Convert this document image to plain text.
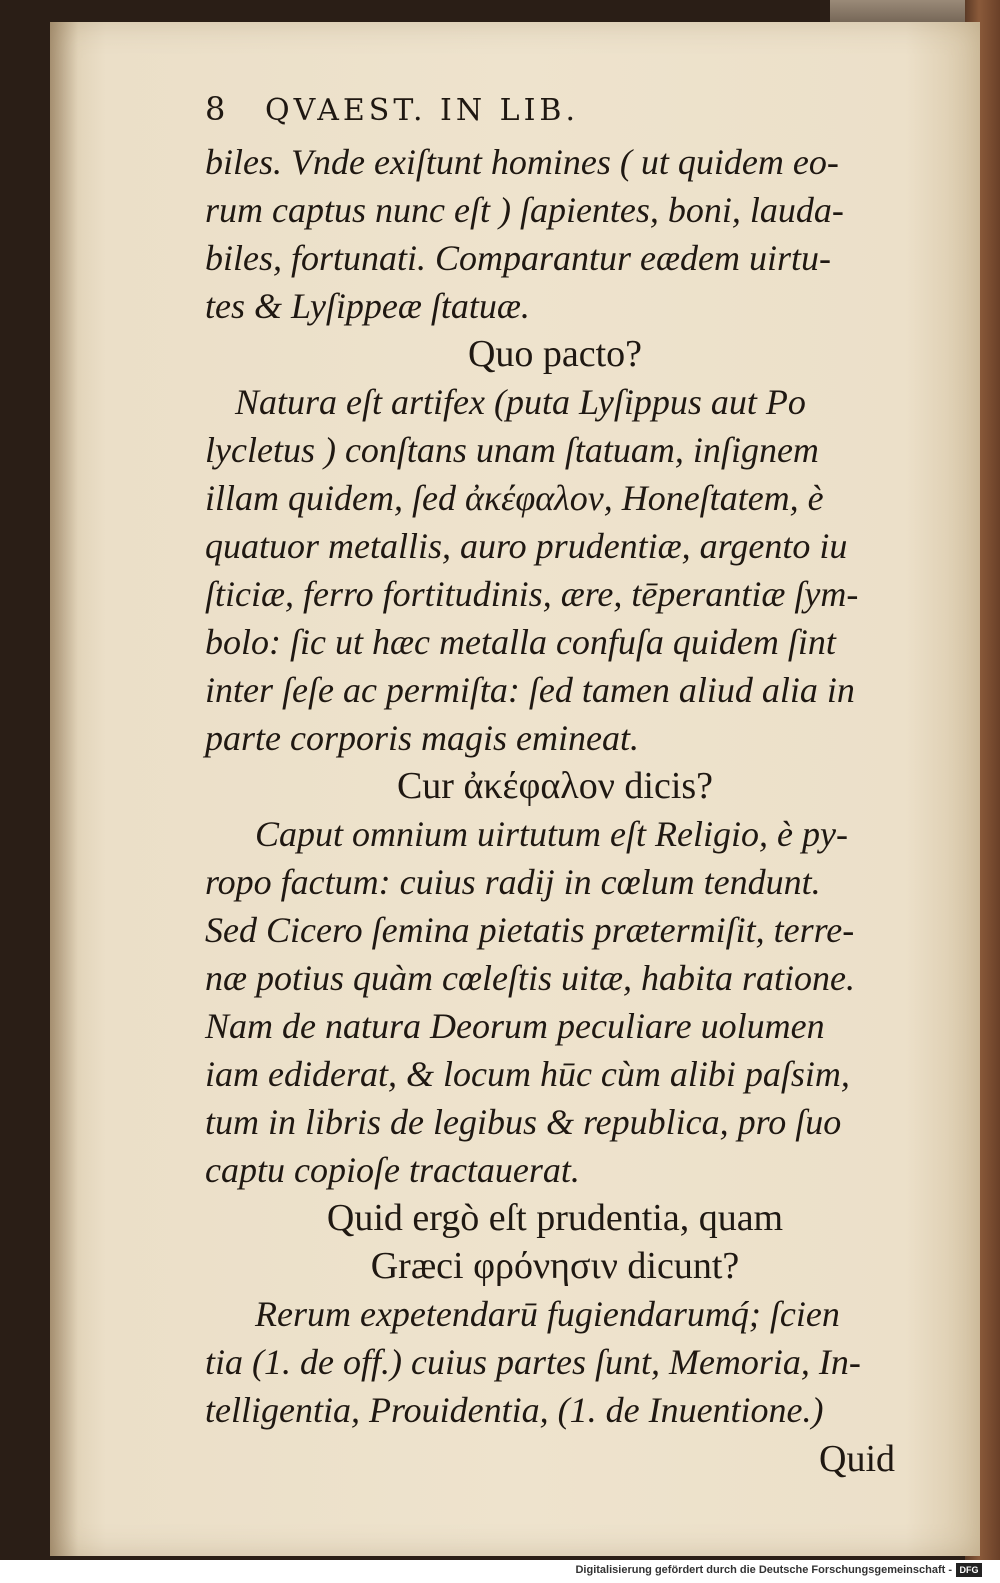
8	QVAEST. IN LIB.
biles. Vnde exiſtunt homines ( ut quidem eo-
rum captus nunc eſt ) ſapientes, boni, lauda-
biles, fortunati. Comparantur eædem uirtu-
tes & Lyſippeæ ſtatuæ.
Quo pacto?
Natura eſt artifex (puta Lyſippus aut Po
lycletus ) conſtans unam ſtatuam, inſignem
illam quidem, ſed ἀκέφαλον, Honeſtatem, è
quatuor metallis, auro prudentiæ, argento iu
ſticiæ, ferro fortitudinis, ære, tēperantiæ ſym-
bolo: ſic ut hæc metalla confuſa quidem ſint
inter ſeſe ac permiſta: ſed tamen aliud alia in
parte corporis magis emineat.
Cur ἀκέφαλον dicis?
Caput omnium uirtutum eſt Religio, è py-
ropo factum: cuius radij in cœlum tendunt.
Sed Cicero ſemina pietatis prætermiſit, terre-
næ potius quàm cœleſtis uitæ, habita ratione.
Nam de natura Deorum peculiare uolumen
iam ediderat, & locum hūc cùm alibi paſsim,
tum in libris de legibus & republica, pro ſuo
captu copioſe tractauerat.
Quid ergò eſt prudentia, quam
Græci φρόνησιν dicunt?
Rerum expetendarū fugiendarumq́; ſcien
tia (1. de off.) cuius partes ſunt, Memoria, In-
telligentia, Prouidentia, (1. de Inuentione.)
Quid
Digitalisierung gefördert durch die Deutsche Forschungsgemeinschaft - DFG
